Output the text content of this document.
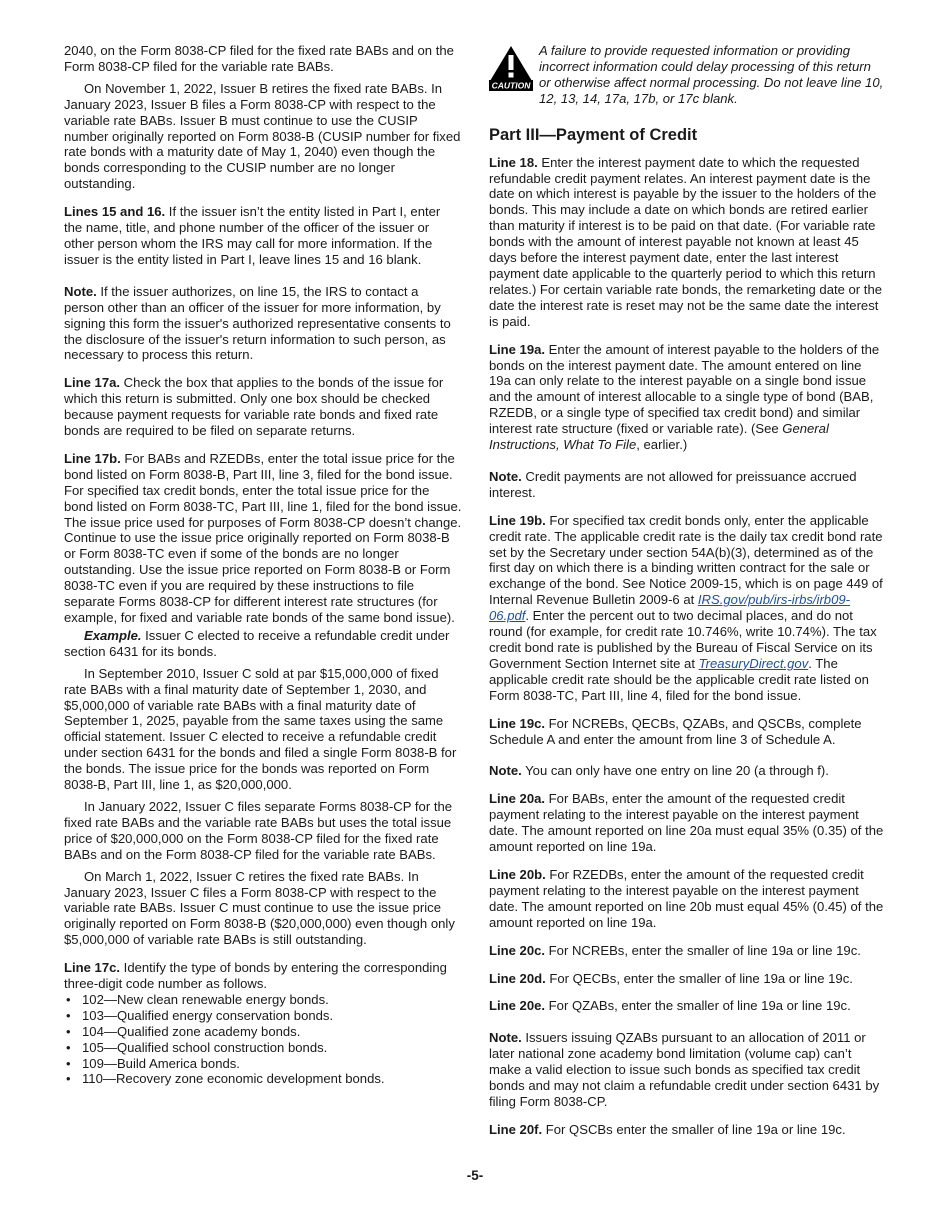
2040, on the Form 8038-CP filed for the fixed rate BABs and on the Form 8038-CP filed for the variable rate BABs.

On November 1, 2022, Issuer B retires the fixed rate BABs. In January 2023, Issuer B files a Form 8038-CP with respect to the variable rate BABs. Issuer B must continue to use the CUSIP number originally reported on Form 8038-B (CUSIP number for fixed rate bonds with a maturity date of May 1, 2040) even though the bonds corresponding to the CUSIP number are no longer outstanding.

Lines 15 and 16. If the issuer isn’t the entity listed in Part I, enter the name, title, and phone number of the officer of the issuer or other person whom the IRS may call for more information. If the issuer is the entity listed in Part I, leave lines 15 and 16 blank.

Note. If the issuer authorizes, on line 15, the IRS to contact a person other than an officer of the issuer for more information, by signing this form the issuer's authorized representative consents to the disclosure of the issuer's return information to such person, as necessary to process this return.

Line 17a. Check the box that applies to the bonds of the issue for which this return is submitted. Only one box should be checked because payment requests for variable rate bonds and fixed rate bonds are required to be filed on separate returns.

Line 17b. For BABs and RZEDBs, enter the total issue price for the bond listed on Form 8038-B, Part III, line 3, filed for the bond issue. For specified tax credit bonds, enter the total issue price for the bond listed on Form 8038-TC, Part III, line 1, filed for the bond issue. The issue price used for purposes of Form 8038-CP doesn’t change. Continue to use the issue price originally reported on Form 8038-B or Form 8038-TC even if some of the bonds are no longer outstanding. Use the issue price reported on Form 8038-B or Form 8038-TC even if you are required by these instructions to file separate Forms 8038-CP for different interest rate structures (for example, for fixed and variable rate bonds of the same bond issue).

Example. Issuer C elected to receive a refundable credit under section 6431 for its bonds.

In September 2010, Issuer C sold at par $15,000,000 of fixed rate BABs with a final maturity date of September 1, 2030, and $5,000,000 of variable rate BABs with a final maturity date of September 1, 2025, payable from the same taxes using the same official statement. Issuer C elected to receive a refundable credit under section 6431 for the bonds and filed a single Form 8038-B for the bonds. The issue price for the bonds was reported on Form 8038-B, Part III, line 1, as $20,000,000.

In January 2022, Issuer C files separate Forms 8038-CP for the fixed rate BABs and the variable rate BABs but uses the total issue price of $20,000,000 on the Form 8038-CP filed for the fixed rate BABs and on the Form 8038-CP filed for the variable rate BABs.

On March 1, 2022, Issuer C retires the fixed rate BABs. In January 2023, Issuer C files a Form 8038-CP with respect to the variable rate BABs. Issuer C must continue to use the issue price originally reported on Form 8038-B ($20,000,000) even though only $5,000,000 of variable rate BABs is still outstanding.

Line 17c. Identify the type of bonds by entering the corresponding three-digit code number as follows.

• 102—New clean renewable energy bonds.
• 103—Qualified energy conservation bonds.
• 104—Qualified zone academy bonds.
• 105—Qualified school construction bonds.
• 109—Build America bonds.
• 110—Recovery zone economic development bonds.
CAUTION
A failure to provide requested information or providing incorrect information could delay processing of this return or otherwise affect normal processing. Do not leave line 10, 12, 13, 14, 17a, 17b, or 17c blank.
Part III—Payment of Credit

Line 18. Enter the interest payment date to which the requested refundable credit payment relates. An interest payment date is the date on which interest is payable by the issuer to the holders of the bonds. This may include a date on which bonds are retired earlier than maturity if interest is to be paid on that date. (For variable rate bonds with the amount of interest payable not known at least 45 days before the interest payment date, enter the last interest payment date applicable to the quarterly period to which this return relates.) For certain variable rate bonds, the remarketing date or the date the interest rate is reset may not be the same date the interest is paid.

Line 19a. Enter the amount of interest payable to the holders of the bonds on the interest payment date. The amount entered on line 19a can only relate to the interest payable on a single bond issue and the amount of interest allocable to a single type of bond (BAB, RZEDB, or a single type of specified tax credit bond) and similar interest rate structure (fixed or variable rate). (See General Instructions, What To File, earlier.)

Note. Credit payments are not allowed for preissuance accrued interest.

Line 19b. For specified tax credit bonds only, enter the applicable credit rate. The applicable credit rate is the daily tax credit bond rate set by the Secretary under section 54A(b)(3), determined as of the first day on which there is a binding written contract for the sale or exchange of the bond. See Notice 2009-15, which is on page 449 of Internal Revenue Bulletin 2009-6 at IRS.gov/pub/irs-irbs/irb09-06.pdf. Enter the percent out to two decimal places, and do not round (for example, for credit rate 10.746%, write 10.74%). The tax credit bond rate is published by the Bureau of Fiscal Service on its Government Section Internet site at TreasuryDirect.gov. The applicable credit rate should be the applicable credit rate listed on Form 8038-TC, Part III, line 4, filed for the bond issue.

Line 19c. For NCREBs, QECBs, QZABs, and QSCBs, complete Schedule A and enter the amount from line 3 of Schedule A.

Note. You can only have one entry on line 20 (a through f).

Line 20a. For BABs, enter the amount of the requested credit payment relating to the interest payable on the interest payment date. The amount reported on line 20a must equal 35% (0.35) of the amount reported on line 19a.

Line 20b. For RZEDBs, enter the amount of the requested credit payment relating to the interest payable on the interest payment date. The amount reported on line 20b must equal 45% (0.45) of the amount reported on line 19a.

Line 20c. For NCREBs, enter the smaller of line 19a or line 19c.

Line 20d. For QECBs, enter the smaller of line 19a or line 19c.

Line 20e. For QZABs, enter the smaller of line 19a or line 19c.

Note. Issuers issuing QZABs pursuant to an allocation of 2011 or later national zone academy bond limitation (volume cap) can’t make a valid election to issue such bonds as specified tax credit bonds and may not claim a refundable credit under section 6431 by filing Form 8038-CP.

Line 20f. For QSCBs enter the smaller of line 19a or line 19c.

-5-
